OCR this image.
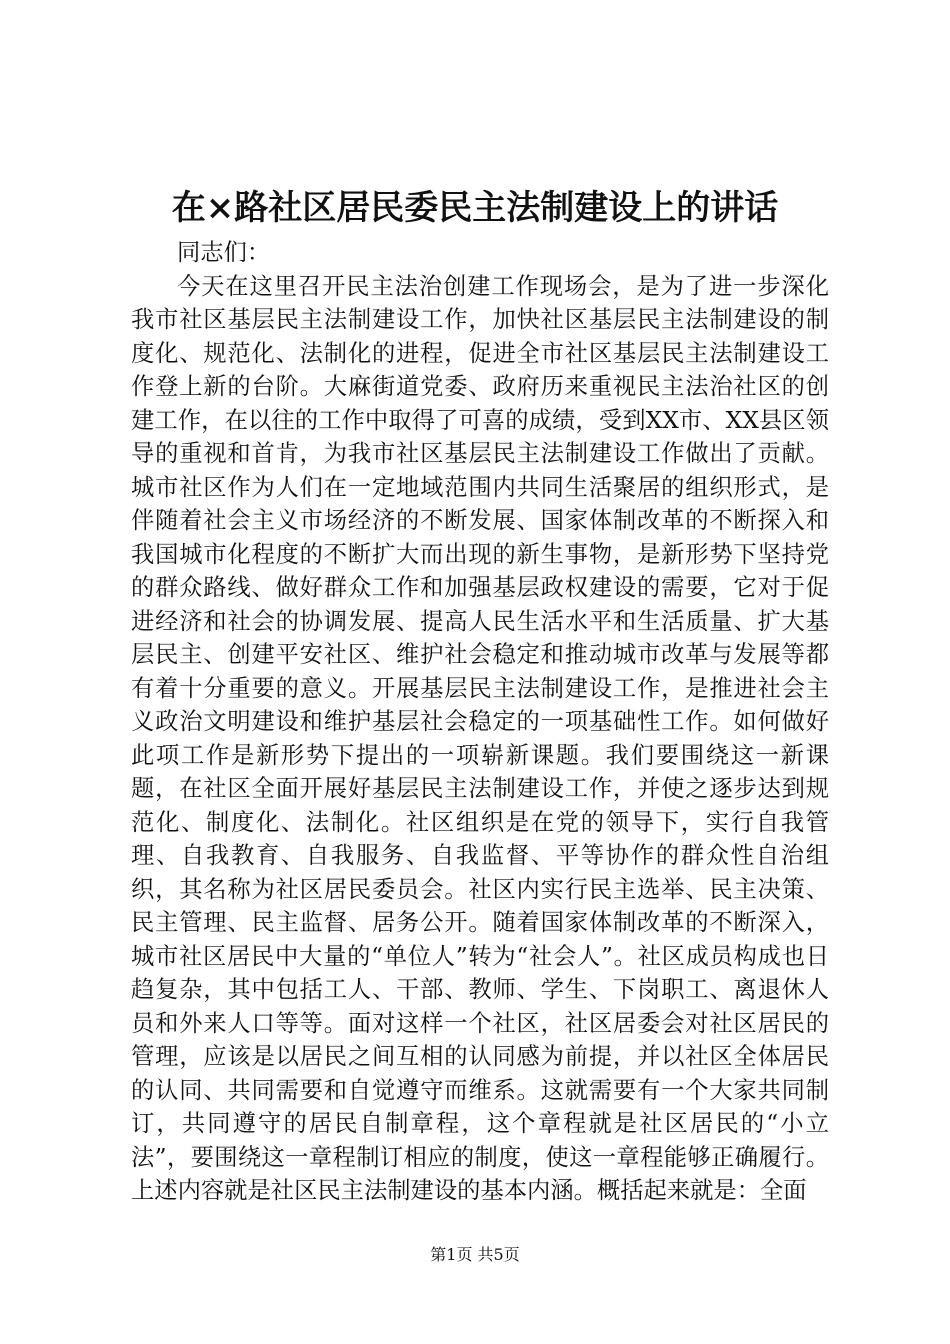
在×路社区居民委民主法制建设上的讲话

同志们：

今天在这里召开民主法治创建工作现场会，是为了进一步深化我市社区基层民主法制建设工作，加快社区基层民主法制建设的制度化、规范化、法制化的进程，促进全市社区基层民主法制建设工作登上新的台阶。大麻街道党委、政府历来重视民主法治社区的创建工作，在以往的工作中取得了可喜的成绩，受到XX市、XX县区领导的重视和首肯，为我市社区基层民主法制建设工作做出了贡献。城市社区作为人们在一定地域范围内共同生活聚居的组织形式，是伴随着社会主义市场经济的不断发展、国家体制改革的不断探入和我国城市化程度的不断扩大而出现的新生事物，是新形势下坚持党的群众路线、做好群众工作和加强基层政权建设的需要，它对于促进经济和社会的协调发展、提高人民生活水平和生活质量、扩大基层民主、创建平安社区、维护社会稳定和推动城市改革与发展等都有着十分重要的意义。开展基层民主法制建设工作，是推进社会主义政治文明建设和维护基层社会稳定的一项基础性工作。如何做好此项工作是新形势下提出的一项崭新课题。我们要围绕这一新课题，在社区全面开展好基层民主法制建设工作，并使之逐步达到规范化、制度化、法制化。社区组织是在党的领导下，实行自我管理、自我教育、自我服务、自我监督、平等协作的群众性自治组织，其名称为社区居民委员会。社区内实行民主选举、民主决策、民主管理、民主监督、居务公开。随着国家体制改革的不断深入，城市社区居民中大量的“单位人”转为“社会人”。社区成员构成也日趋复杂，其中包括工人、干部、教师、学生、下岗职工、离退休人员和外来人口等等。面对这样一个社区，社区居委会对社区居民的管理，应该是以居民之间互相的认同感为前提，并以社区全体居民的认同、共同需要和自觉遵守而维系。这就需要有一个大家共同制订，共同遵守的居民自制章程，这个章程就是社区居民的“小立法”，要围绕这一章程制订相应的制度，使这一章程能够正确履行。上述内容就是社区民主法制建设的基本内涵。概括起来就是：全面

第1页 共5页
